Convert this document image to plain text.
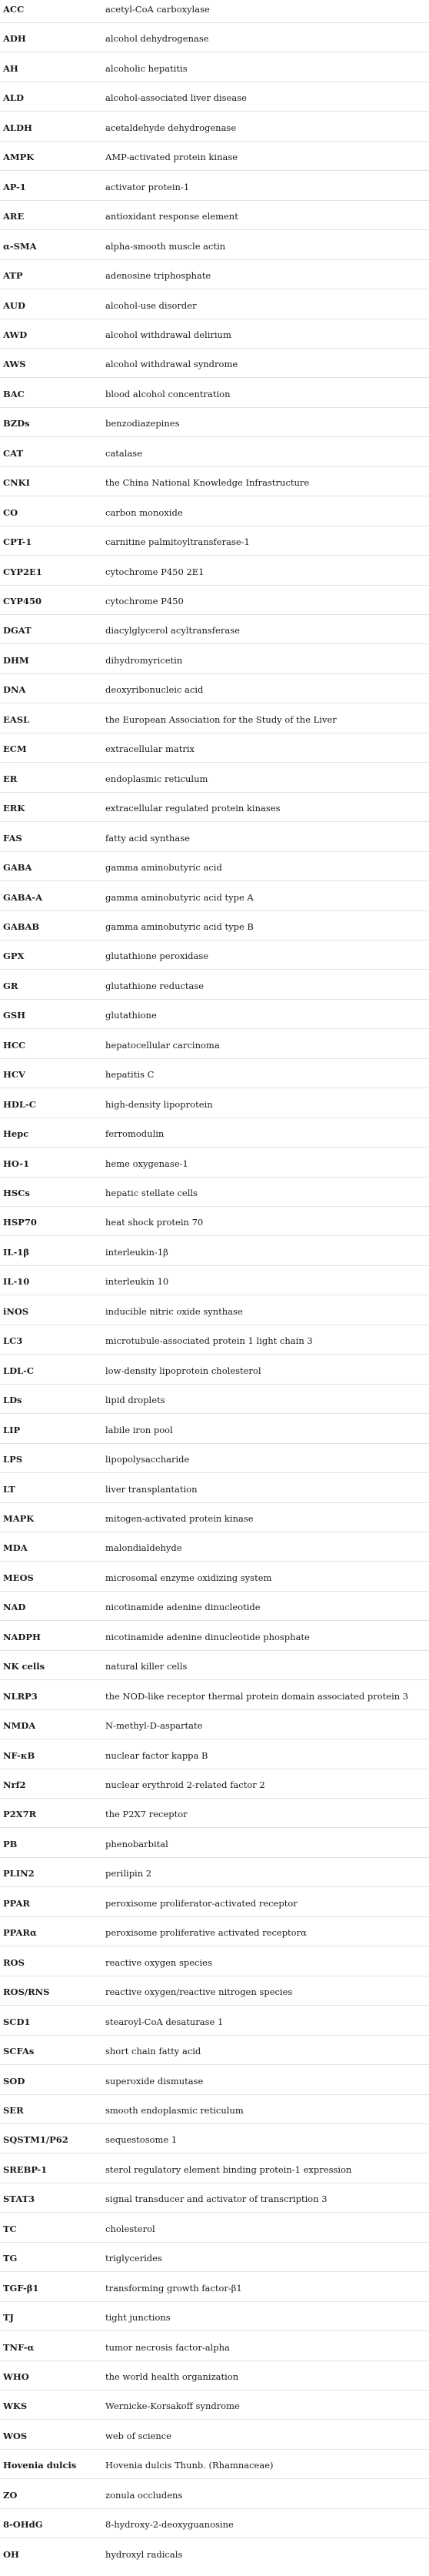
ACC	acetyl-CoA carboxylase
ADH	alcohol dehydrogenase
AH	alcoholic hepatitis
ALD	alcohol-associated liver disease
ALDH	acetaldehyde dehydrogenase
AMPK	AMP-activated protein kinase
AP-1	activator protein-1
ARE	antioxidant response element
α-SMA	alpha-smooth muscle actin
ATP	adenosine triphosphate
AUD	alcohol-use disorder
AWD	alcohol withdrawal delirium
AWS	alcohol withdrawal syndrome
BAC	blood alcohol concentration
BZDs	benzodiazepines
CAT	catalase
CNKI	the China National Knowledge Infrastructure
CO	carbon monoxide
CPT-1	carnitine palmitoyltransferase-1
CYP2E1	cytochrome P450 2E1
CYP450	cytochrome P450
DGAT	diacylglycerol acyltransferase
DHM	dihydromyricetin
DNA	deoxyribonucleic acid
EASL	the European Association for the Study of the Liver
ECM	extracellular matrix
ER	endoplasmic reticulum
ERK	extracellular regulated protein kinases
FAS	fatty acid synthase
GABA	gamma aminobutyric acid
GABA-A	gamma aminobutyric acid type A
GABAB	gamma aminobutyric acid type B
GPX	glutathione peroxidase
GR	glutathione reductase
GSH	glutathione
HCC	hepatocellular carcinoma
HCV	hepatitis C
HDL-C	high-density lipoprotein
Hepc	ferromodulin
HO-1	heme oxygenase-1
HSCs	hepatic stellate cells
HSP70	heat shock protein 70
IL-1β	interleukin-1β
IL-10	interleukin 10
iNOS	inducible nitric oxide synthase
LC3	microtubule-associated protein 1 light chain 3
LDL-C	low-density lipoprotein cholesterol
LDs	lipid droplets
LIP	labile iron pool
LPS	lipopolysaccharide
LT	liver transplantation
MAPK	mitogen-activated protein kinase
MDA	malondialdehyde
MEOS	microsomal enzyme oxidizing system
NAD	nicotinamide adenine dinucleotide
NADPH	nicotinamide adenine dinucleotide phosphate
NK cells	natural killer cells
NLRP3	the NOD-like receptor thermal protein domain associated protein 3
NMDA	N-methyl-D-aspartate
NF-κB	nuclear factor kappa B
Nrf2	nuclear erythroid 2-related factor 2
P2X7R	the P2X7 receptor
PB	phenobarbital
PLIN2	perilipin 2
PPAR	peroxisome proliferator-activated receptor
PPARα	peroxisome proliferative activated receptorα
ROS	reactive oxygen species
ROS/RNS	reactive oxygen/reactive nitrogen species
SCD1	stearoyl-CoA desaturase 1
SCFAs	short chain fatty acid
SOD	superoxide dismutase
SER	smooth endoplasmic reticulum
SQSTM1/P62	sequestosome 1
SREBP-1	sterol regulatory element binding protein-1 expression
STAT3	signal transducer and activator of transcription 3
TC	cholesterol
TG	triglycerides
TGF-β1	transforming growth factor-β1
TJ	tight junctions
TNF-α	tumor necrosis factor-alpha
WHO	the world health organization
WKS	Wernicke-Korsakoff syndrome
WOS	web of science
Hovenia dulcis	Hovenia dulcis Thunb. (Rhamnaceae)
ZO	zonula occludens
8-OHdG	8-hydroxy-2-deoxyguanosine
OH	hydroxyl radicals
